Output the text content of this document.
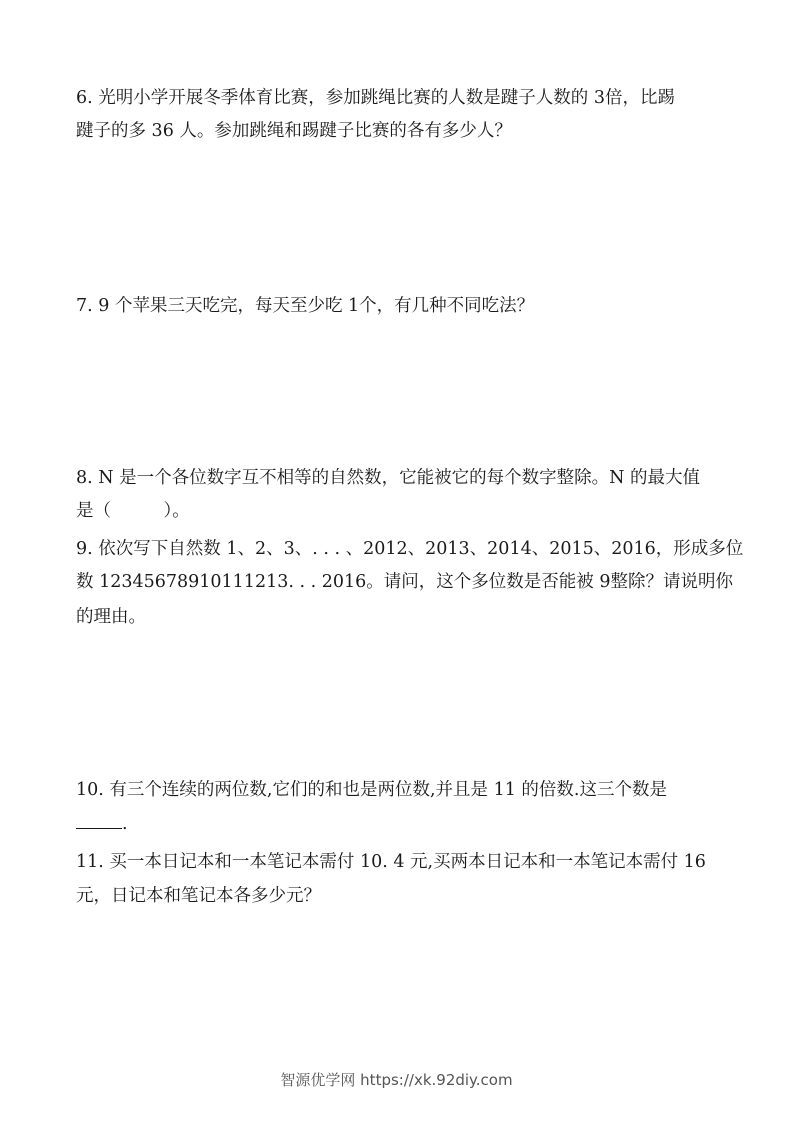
6. 光明小学开展冬季体育比赛，参加跳绳比赛的人数是踺子人数的 3倍，比踢
踺子的多 36 人。参加跳绳和踢踺子比赛的各有多少人？
7. 9 个苹果三天吃完，每天至少吃 1个，有几种不同吃法？
8. N 是一个各位数字互不相等的自然数，它能被它的每个数字整除。N 的最大值
是（　　　）。
9. 依次写下自然数 1、2、3、. . . 、2012、2013、2014、2015、2016，形成多位
数 12345678910111213. . . 2016。请问，这个多位数是否能被 9整除？请说明你
的理由。
10. 有三个连续的两位数,它们的和也是两位数,并且是 11 的倍数.这三个数是
.
11. 买一本日记本和一本笔记本需付 10. 4 元,买两本日记本和一本笔记本需付 16
元，日记本和笔记本各多少元？
智源优学网 https://xk.92diy.com
